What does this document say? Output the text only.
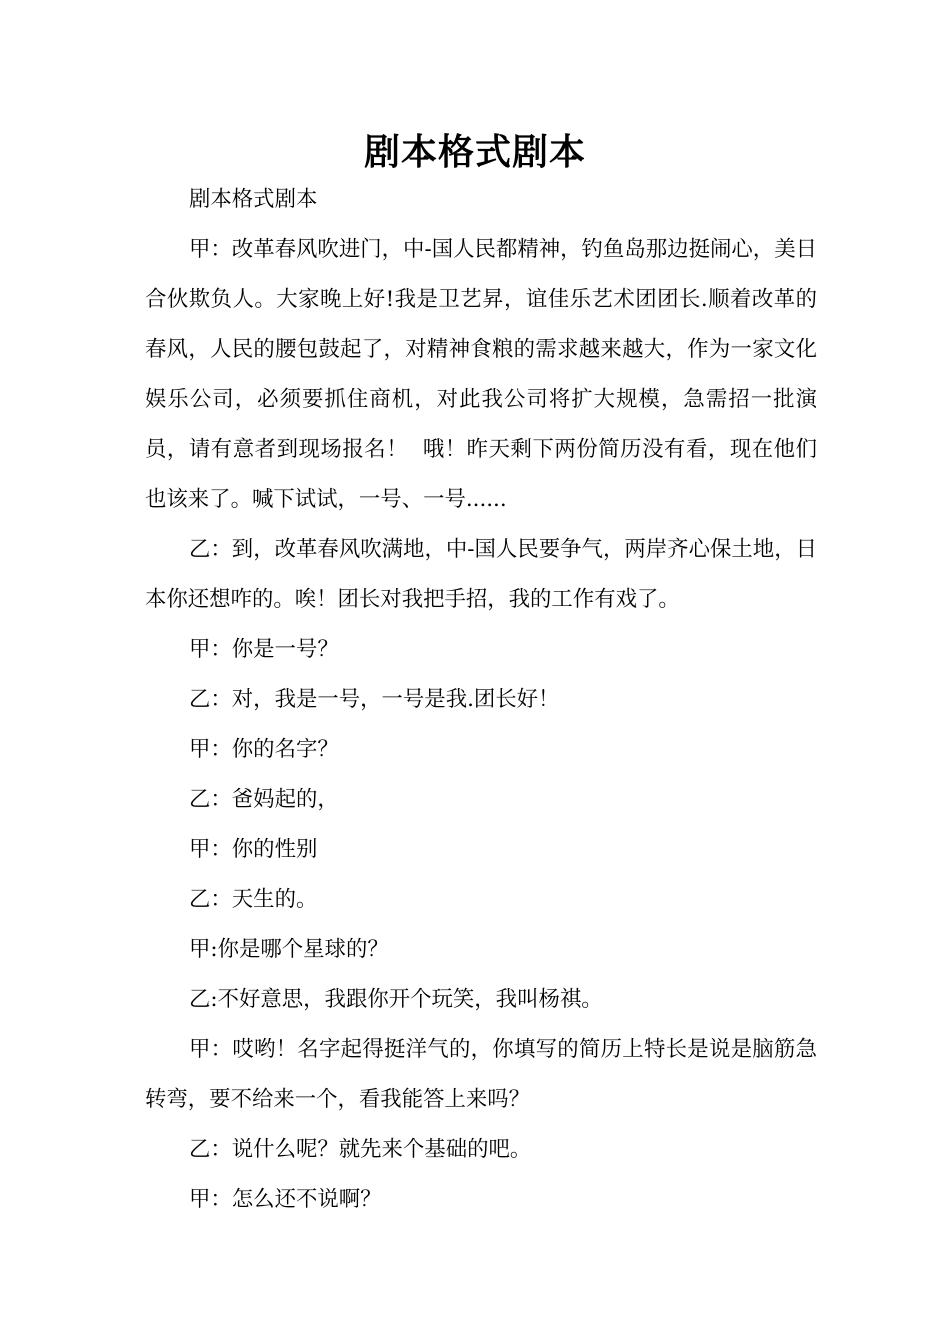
剧本格式剧本

剧本格式剧本

甲：改革春风吹进门，中-国人民都精神，钓鱼岛那边挺闹心，美日合伙欺负人。大家晚上好!我是卫艺昇，谊佳乐艺术团团长.顺着改革的春风，人民的腰包鼓起了，对精神食粮的需求越来越大，作为一家文化娱乐公司，必须要抓住商机，对此我公司将扩大规模，急需招一批演员，请有意者到现场报名！  哦！昨天剩下两份简历没有看，现在他们也该来了。喊下试试，一号、一号......

乙：到，改革春风吹满地，中-国人民要争气，两岸齐心保土地，日本你还想咋的。唉！团长对我把手招，我的工作有戏了。

甲：你是一号？

乙：对，我是一号，一号是我.团长好！

甲：你的名字？

乙：爸妈起的，

甲：你的性别

乙：天生的。

甲:你是哪个星球的？

乙:不好意思，我跟你开个玩笑，我叫杨祺。

甲：哎哟！名字起得挺洋气的，你填写的简历上特长是说是脑筋急转弯，要不给来一个，看我能答上来吗？

乙：说什么呢？就先来个基础的吧。

甲：怎么还不说啊？
